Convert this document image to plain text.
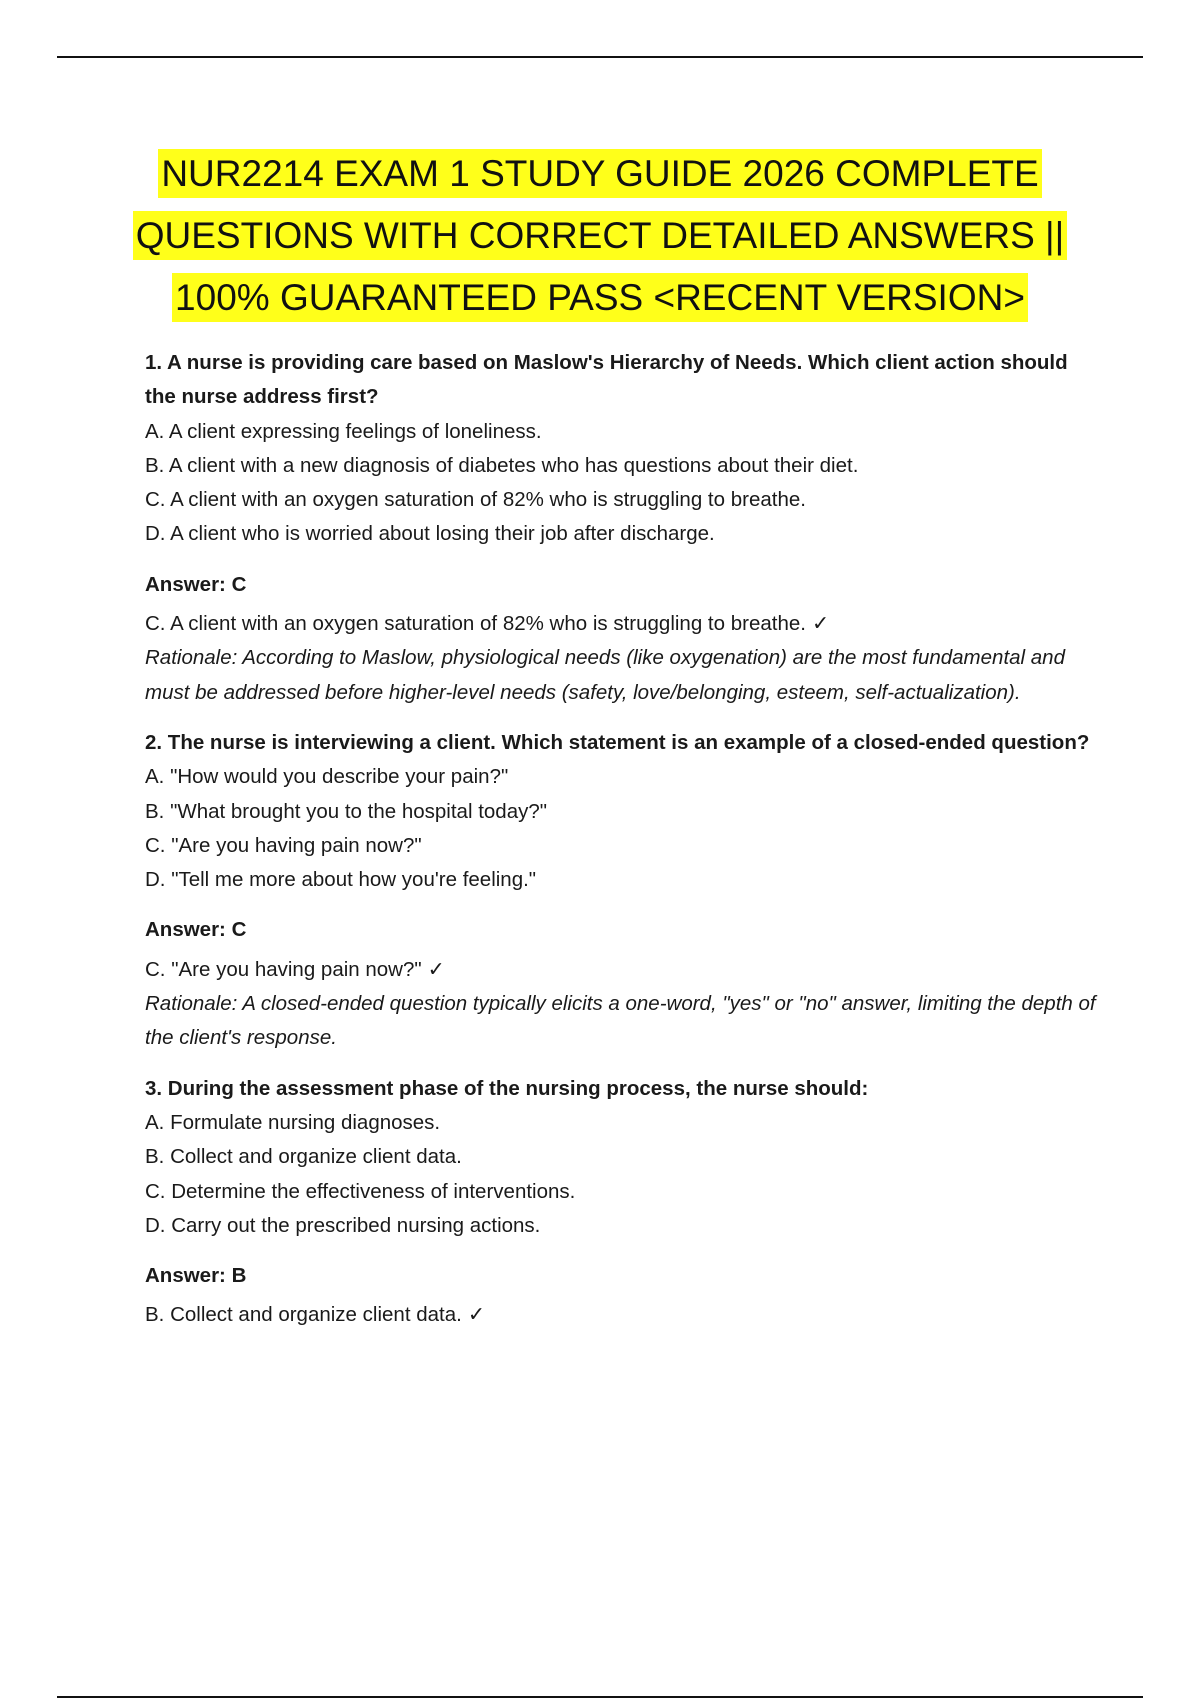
NUR2214 EXAM 1 STUDY GUIDE 2026 COMPLETE
QUESTIONS WITH CORRECT DETAILED ANSWERS ||
100% GUARANTEED PASS <RECENT VERSION>

1. A nurse is providing care based on Maslow's Hierarchy of Needs. Which client action should the nurse address first?

A. A client expressing feelings of loneliness.

B. A client with a new diagnosis of diabetes who has questions about their diet.

C. A client with an oxygen saturation of 82% who is struggling to breathe.

D. A client who is worried about losing their job after discharge.

Answer: C

C. A client with an oxygen saturation of 82% who is struggling to breathe. ✓

Rationale: According to Maslow, physiological needs (like oxygenation) are the most fundamental and must be addressed before higher-level needs (safety, love/belonging, esteem, self-actualization).

2. The nurse is interviewing a client. Which statement is an example of a closed-ended question?

A. "How would you describe your pain?"

B. "What brought you to the hospital today?"

C. "Are you having pain now?"

D. "Tell me more about how you're feeling."

Answer: C

C. "Are you having pain now?" ✓

Rationale: A closed-ended question typically elicits a one-word, "yes" or "no" answer, limiting the depth of the client's response.

3. During the assessment phase of the nursing process, the nurse should:

A. Formulate nursing diagnoses.

B. Collect and organize client data.

C. Determine the effectiveness of interventions.

D. Carry out the prescribed nursing actions.

Answer: B

B. Collect and organize client data. ✓
